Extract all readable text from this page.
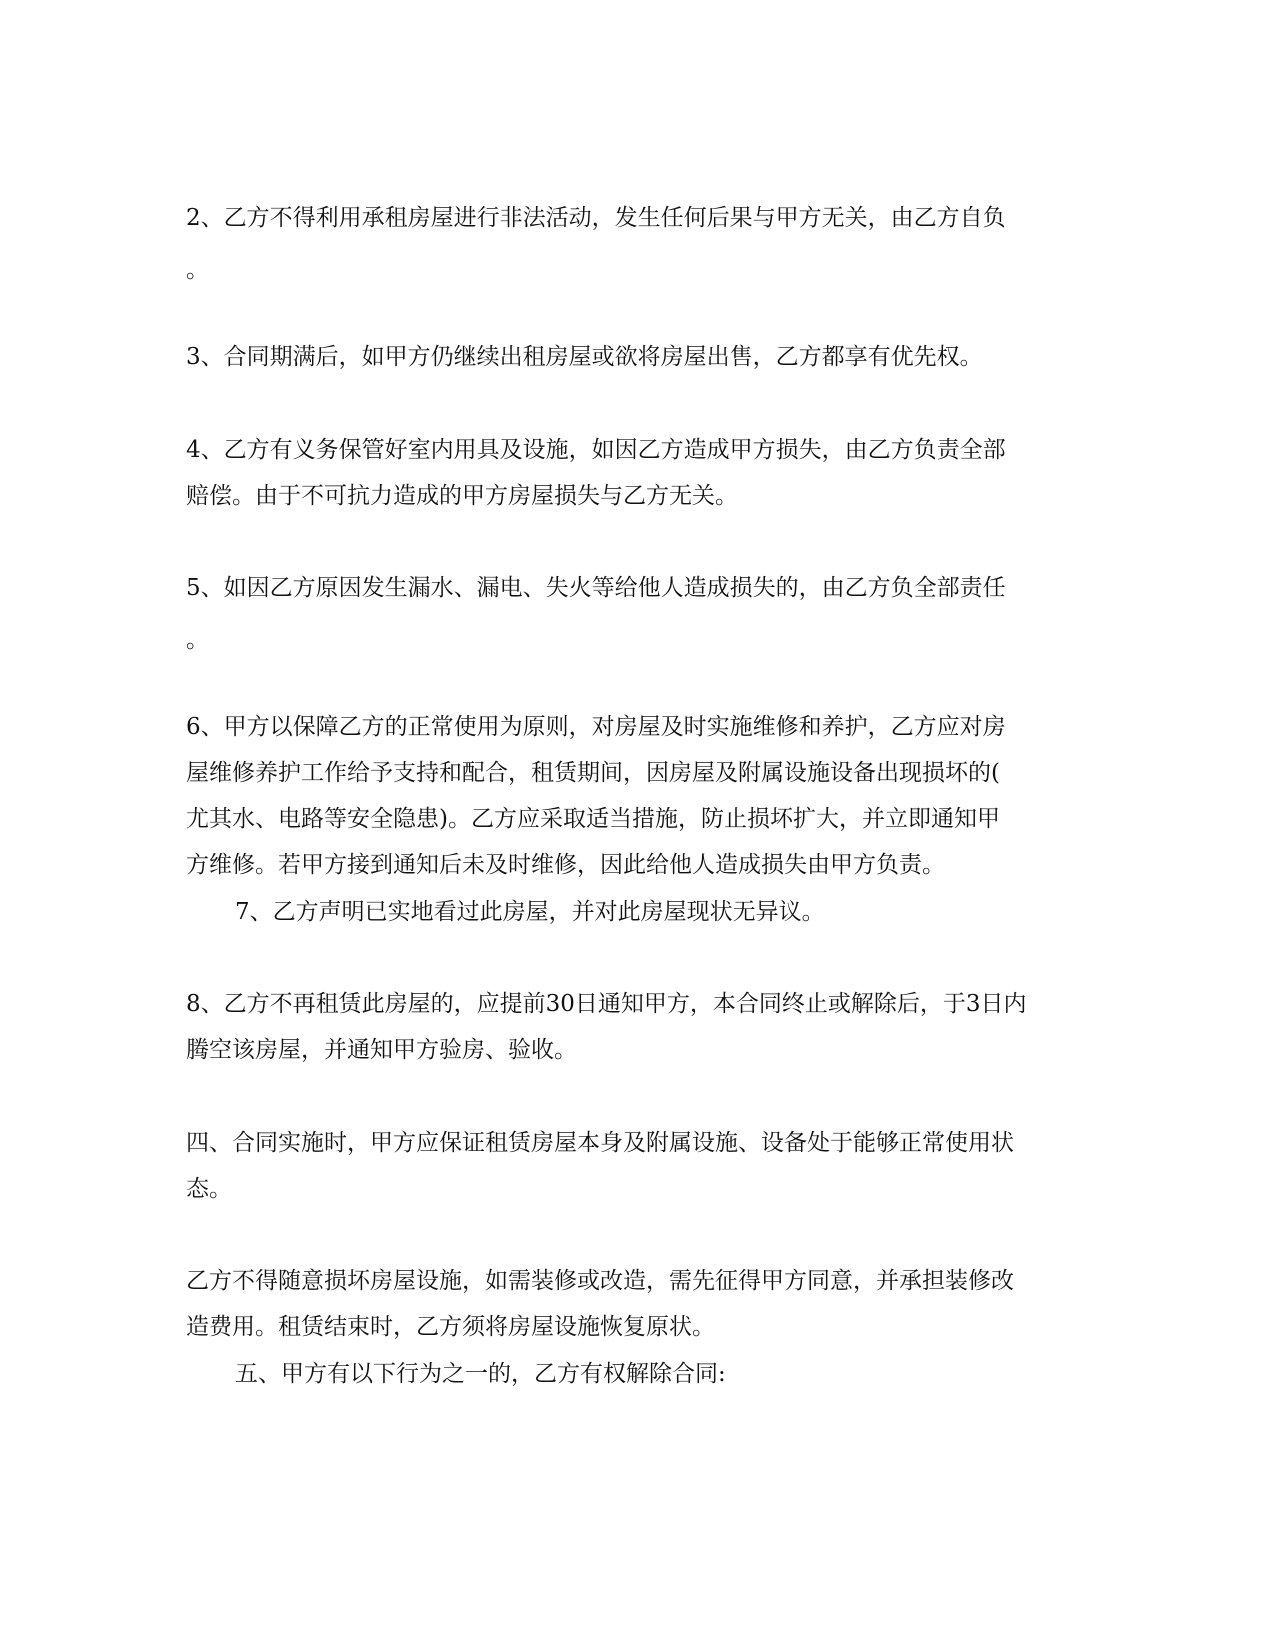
2、乙方不得利用承租房屋进行非法活动，发生任何后果与甲方无关，由乙方自负

。

3、合同期满后，如甲方仍继续出租房屋或欲将房屋出售，乙方都享有优先权。

4、乙方有义务保管好室内用具及设施，如因乙方造成甲方损失，由乙方负责全部

赔偿。由于不可抗力造成的甲方房屋损失与乙方无关。

5、如因乙方原因发生漏水、漏电、失火等给他人造成损失的，由乙方负全部责任

。

6、甲方以保障乙方的正常使用为原则，对房屋及时实施维修和养护，乙方应对房

屋维修养护工作给予支持和配合，租赁期间，因房屋及附属设施设备出现损坏的(

尤其水、电路等安全隐患)。乙方应采取适当措施，防止损坏扩大，并立即通知甲

方维修。若甲方接到通知后未及时维修，因此给他人造成损失由甲方负责。

7、乙方声明已实地看过此房屋，并对此房屋现状无异议。

8、乙方不再租赁此房屋的，应提前30日通知甲方，本合同终止或解除后，于3日内

腾空该房屋，并通知甲方验房、验收。

四、合同实施时，甲方应保证租赁房屋本身及附属设施、设备处于能够正常使用状

态。

乙方不得随意损坏房屋设施，如需装修或改造，需先征得甲方同意，并承担装修改

造费用。租赁结束时，乙方须将房屋设施恢复原状。

五、甲方有以下行为之一的，乙方有权解除合同:
